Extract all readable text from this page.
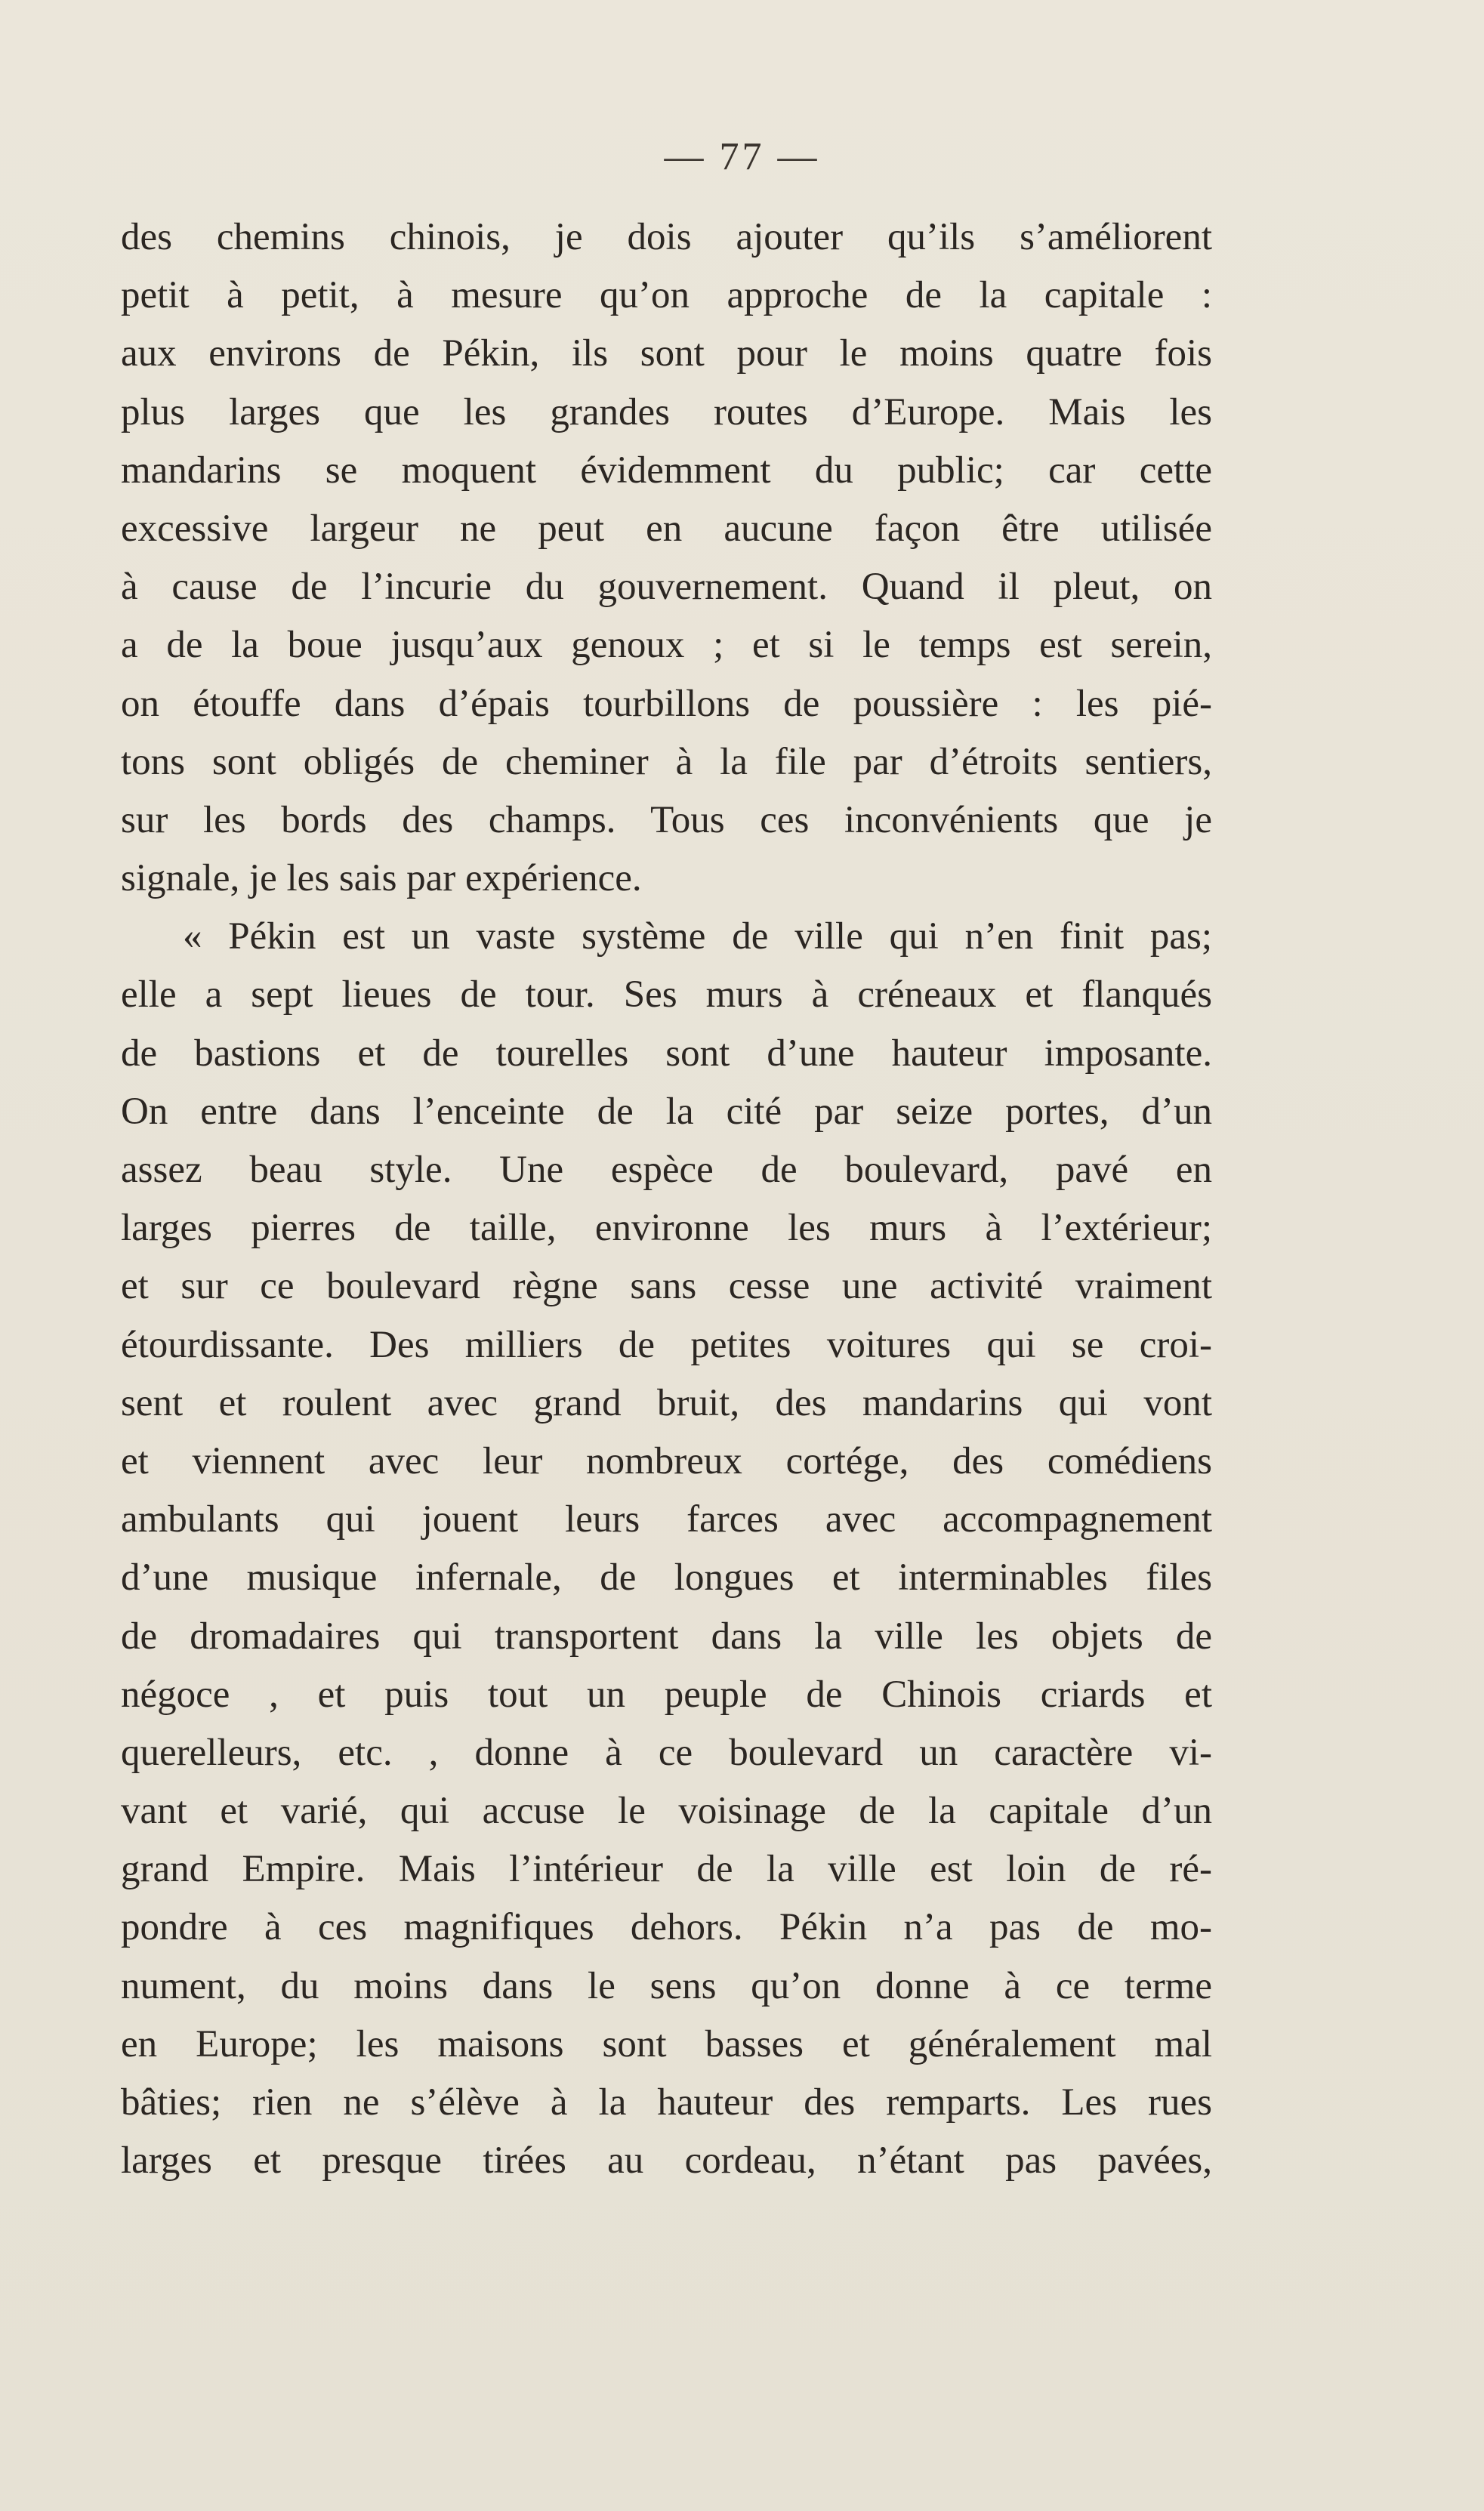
— 77 —
des chemins chinois, je dois ajouter qu’ils s’améliorent
petit à petit, à mesure qu’on approche de la capitale :
aux environs de Pékin, ils sont pour le moins quatre fois
plus larges que les grandes routes d’Europe. Mais les
mandarins se moquent évidemment du public; car cette
excessive largeur ne peut en aucune façon être utilisée
à cause de l’incurie du gouvernement. Quand il pleut, on
a de la boue jusqu’aux genoux ; et si le temps est serein,
on étouffe dans d’épais tourbillons de poussière : les pié-
tons sont obligés de cheminer à la file par d’étroits sentiers,
sur les bords des champs. Tous ces inconvénients que je
signale, je les sais par expérience.
« Pékin est un vaste système de ville qui n’en finit pas;
elle a sept lieues de tour. Ses murs à créneaux et flanqués
de bastions et de tourelles sont d’une hauteur imposante.
On entre dans l’enceinte de la cité par seize portes, d’un
assez beau style. Une espèce de boulevard, pavé en
larges pierres de taille, environne les murs à l’extérieur;
et sur ce boulevard règne sans cesse une activité vraiment
étourdissante. Des milliers de petites voitures qui se croi-
sent et roulent avec grand bruit, des mandarins qui vont
et viennent avec leur nombreux cortége, des comédiens
ambulants qui jouent leurs farces avec accompagnement
d’une musique infernale, de longues et interminables files
de dromadaires qui transportent dans la ville les objets de
négoce , et puis tout un peuple de Chinois criards et
querelleurs, etc. , donne à ce boulevard un caractère vi-
vant et varié, qui accuse le voisinage de la capitale d’un
grand Empire. Mais l’intérieur de la ville est loin de ré-
pondre à ces magnifiques dehors. Pékin n’a pas de mo-
nument, du moins dans le sens qu’on donne à ce terme
en Europe; les maisons sont basses et généralement mal
bâties; rien ne s’élève à la hauteur des remparts. Les rues
larges et presque tirées au cordeau, n’étant pas pavées,
